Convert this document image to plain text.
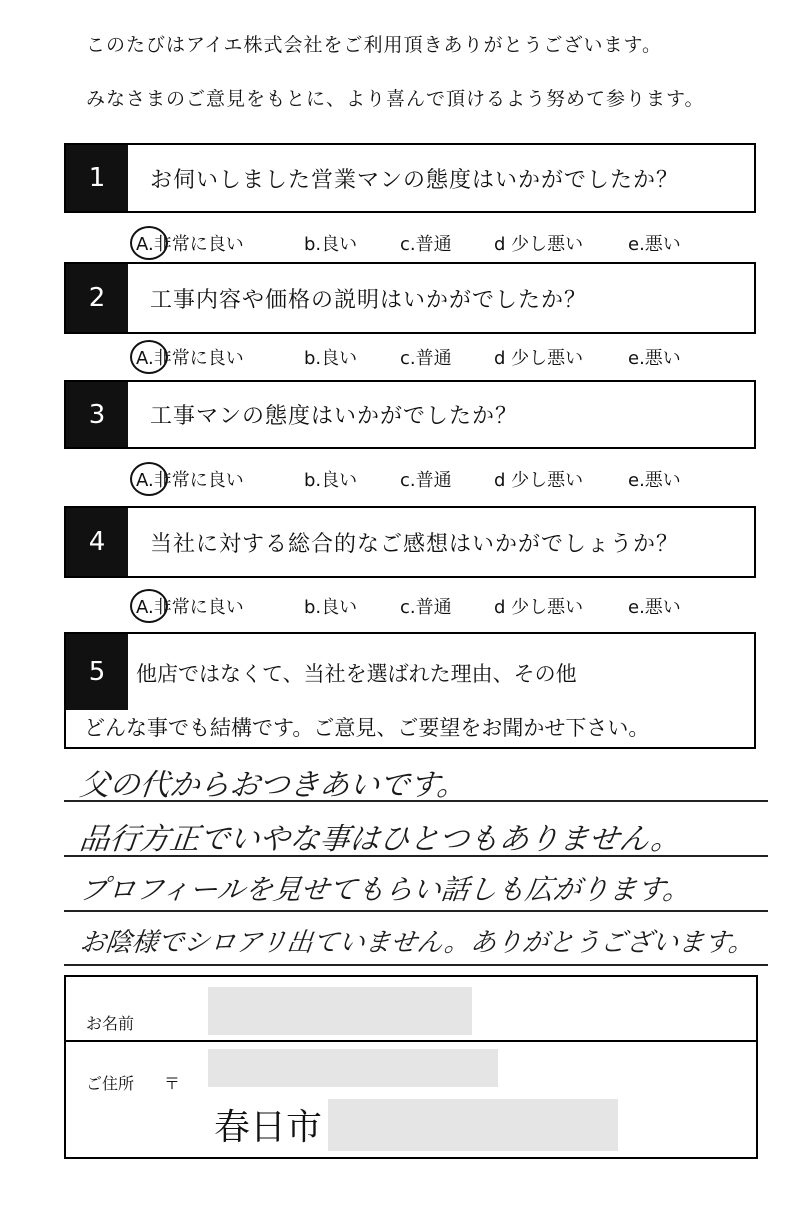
このたびはアイエ株式会社をご利用頂きありがとうございます。
みなさまのご意見をもとに、より喜んで頂けるよう努めて参ります。
1	お伺いしました営業マンの態度はいかがでしたか？
A.非常に良い	b.良い c.普通 d 少し悪い e.悪い
2	工事内容や価格の説明はいかがでしたか？
A.非常に良い	b.良い c.普通 d 少し悪い e.悪い
3	工事マンの態度はいかがでしたか？
A.非常に良い	b.良い c.普通 d 少し悪い e.悪い
4	当社に対する総合的なご感想はいかがでしょうか？
A.非常に良い	b.良い c.普通 d 少し悪い e.悪い
5	他店ではなくて、当社を選ばれた理由、その他
どんな事でも結構です。ご意見、ご要望をお聞かせ下さい。
父の代からおつきあいです。
品行方正でいやな事はひとつもありません。
プロフィールを見せてもらい話しも広がります。
お陰様でシロアリ出ていません。ありがとうございます。
お名前
ご住所 〒
春日市
